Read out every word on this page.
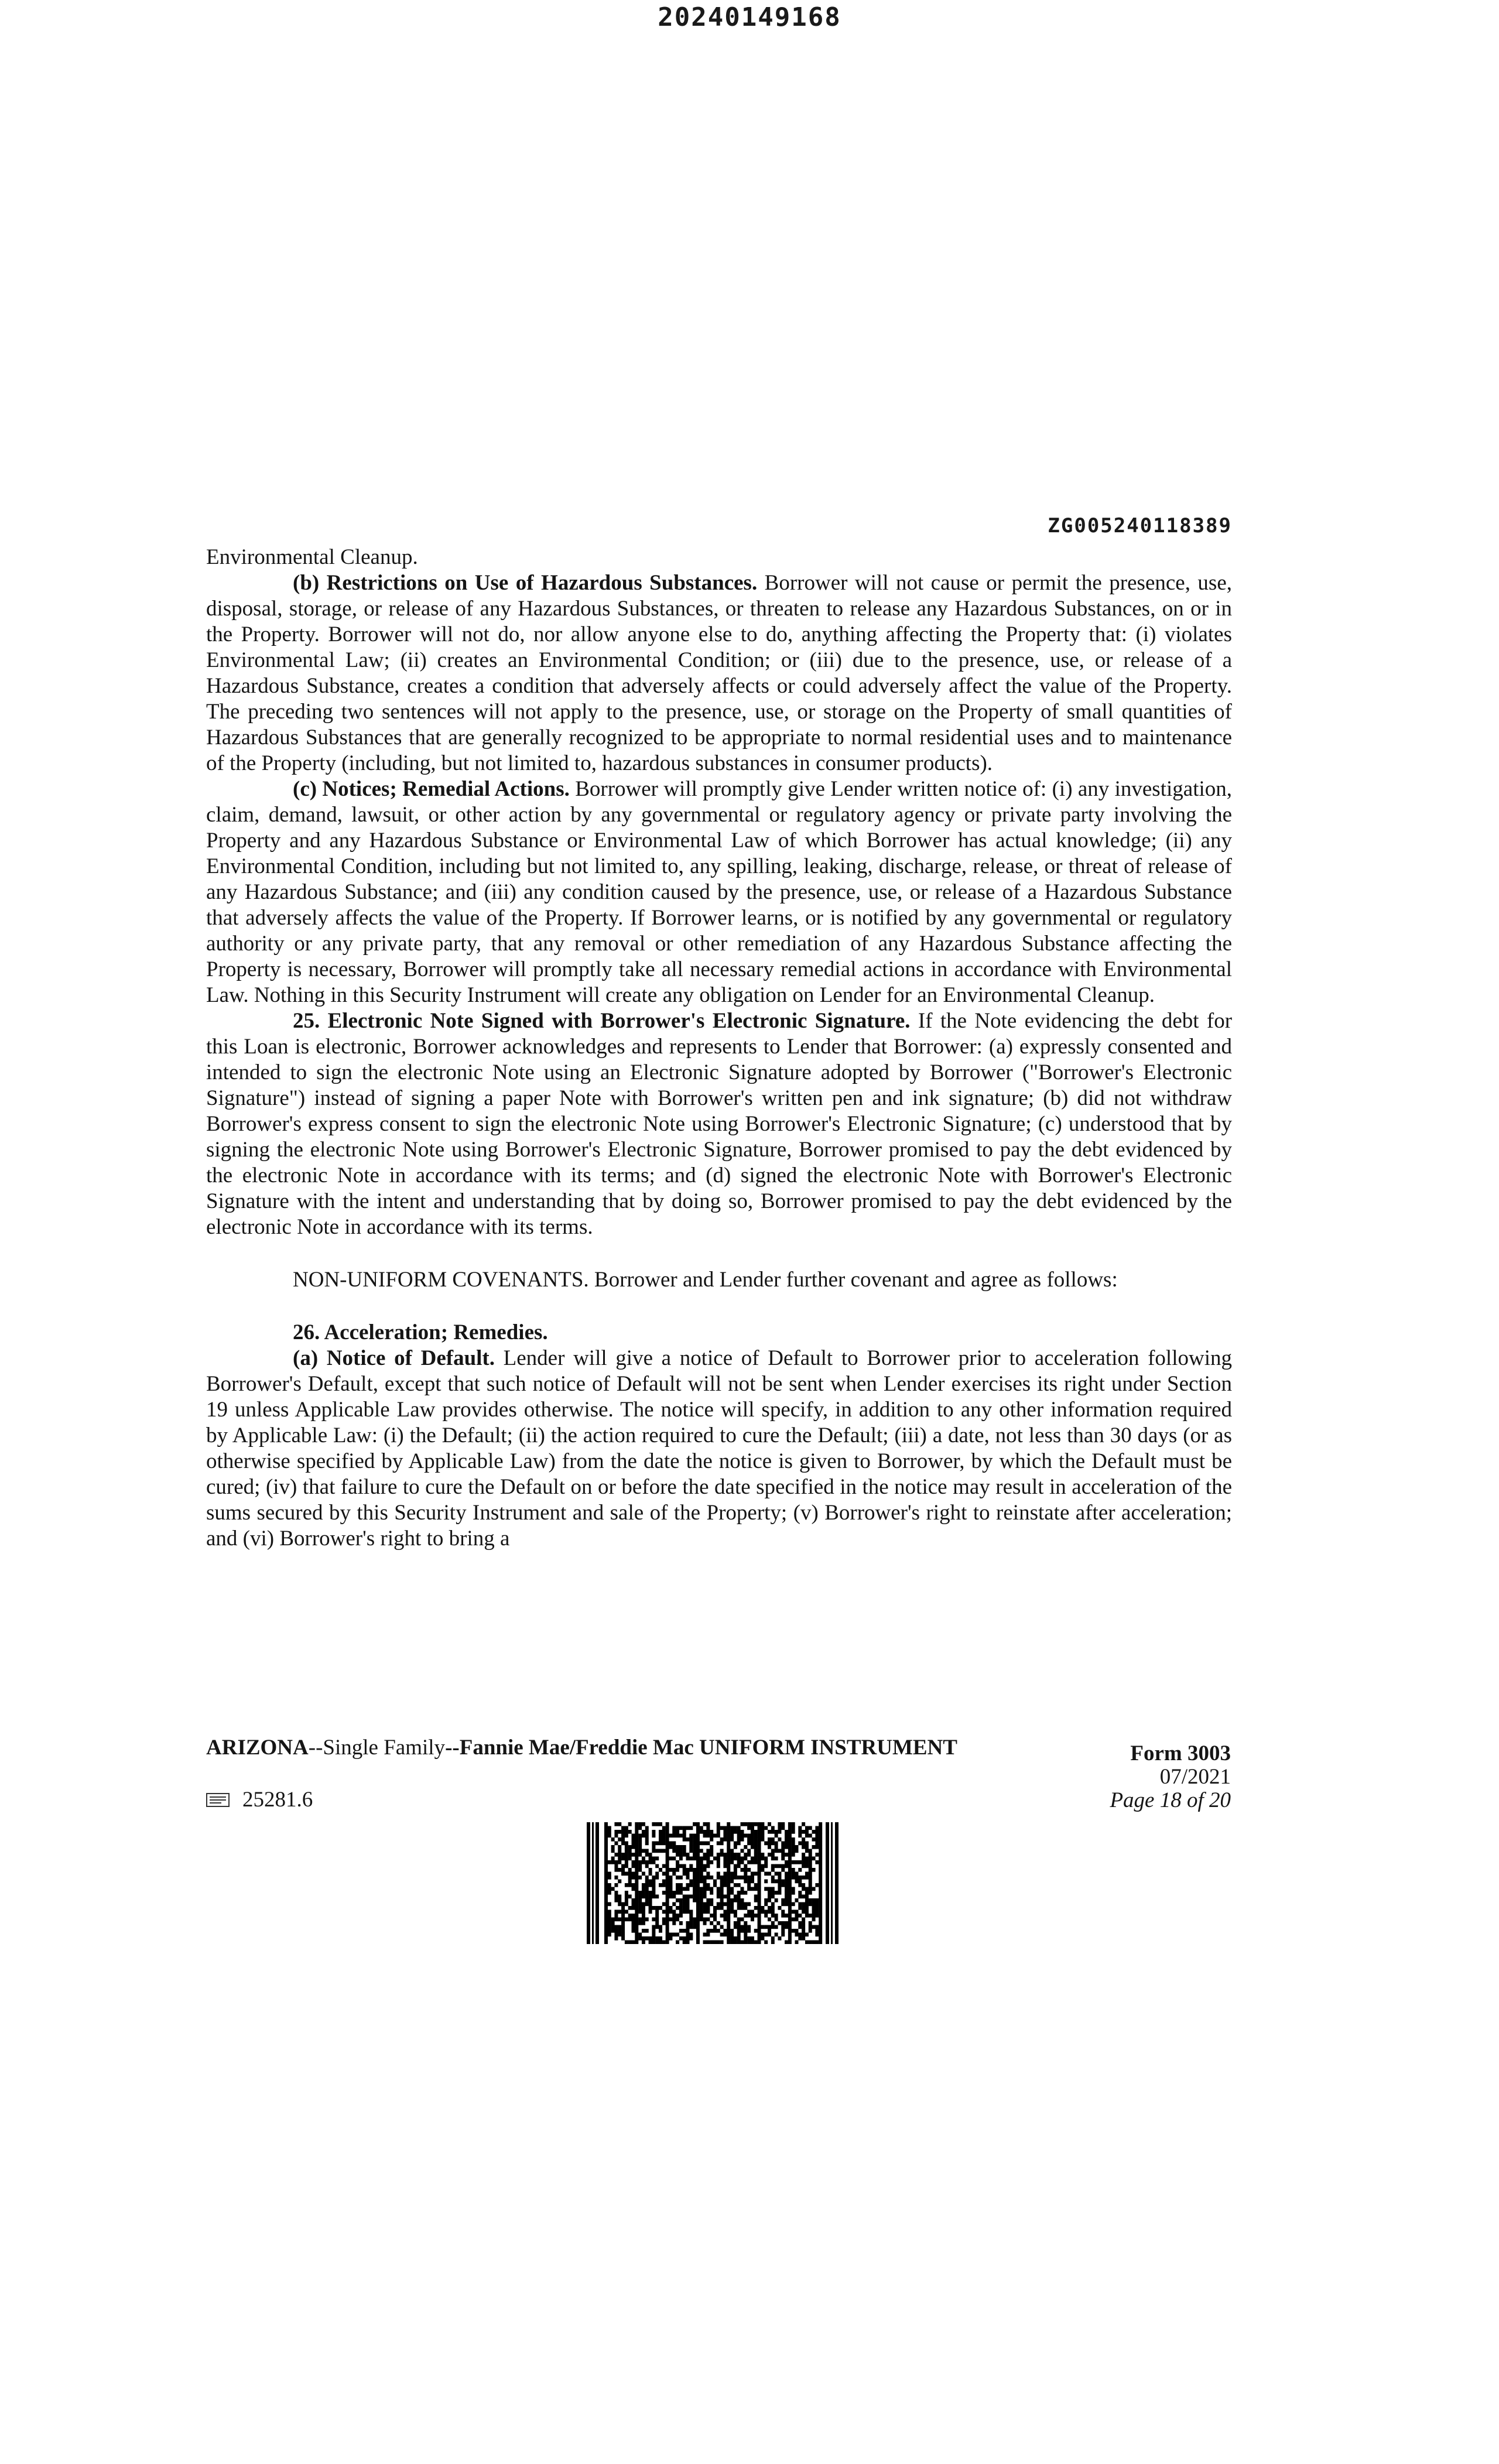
20240149168
ZG005240118389

Environmental Cleanup.

(b) Restrictions on Use of Hazardous Substances. Borrower will not cause or permit the presence, use, disposal, storage, or release of any Hazardous Substances, or threaten to release any Hazardous Substances, on or in the Property. Borrower will not do, nor allow anyone else to do, anything affecting the Property that: (i) violates Environmental Law; (ii) creates an Environmental Condition; or (iii) due to the presence, use, or release of a Hazardous Substance, creates a condition that adversely affects or could adversely affect the value of the Property. The preceding two sentences will not apply to the presence, use, or storage on the Property of small quantities of Hazardous Substances that are generally recognized to be appropriate to normal residential uses and to maintenance of the Property (including, but not limited to, hazardous substances in consumer products).

(c) Notices; Remedial Actions. Borrower will promptly give Lender written notice of: (i) any investigation, claim, demand, lawsuit, or other action by any governmental or regulatory agency or private party involving the Property and any Hazardous Substance or Environmental Law of which Borrower has actual knowledge; (ii) any Environmental Condition, including but not limited to, any spilling, leaking, discharge, release, or threat of release of any Hazardous Substance; and (iii) any condition caused by the presence, use, or release of a Hazardous Substance that adversely affects the value of the Property. If Borrower learns, or is notified by any governmental or regulatory authority or any private party, that any removal or other remediation of any Hazardous Substance affecting the Property is necessary, Borrower will promptly take all necessary remedial actions in accordance with Environmental Law. Nothing in this Security Instrument will create any obligation on Lender for an Environmental Cleanup.

25. Electronic Note Signed with Borrower's Electronic Signature. If the Note evidencing the debt for this Loan is electronic, Borrower acknowledges and represents to Lender that Borrower: (a) expressly consented and intended to sign the electronic Note using an Electronic Signature adopted by Borrower ("Borrower's Electronic Signature") instead of signing a paper Note with Borrower's written pen and ink signature; (b) did not withdraw Borrower's express consent to sign the electronic Note using Borrower's Electronic Signature; (c) understood that by signing the electronic Note using Borrower's Electronic Signature, Borrower promised to pay the debt evidenced by the electronic Note in accordance with its terms; and (d) signed the electronic Note with Borrower's Electronic Signature with the intent and understanding that by doing so, Borrower promised to pay the debt evidenced by the electronic Note in accordance with its terms.

NON-UNIFORM COVENANTS. Borrower and Lender further covenant and agree as follows:

26. Acceleration; Remedies.

(a) Notice of Default. Lender will give a notice of Default to Borrower prior to acceleration following Borrower's Default, except that such notice of Default will not be sent when Lender exercises its right under Section 19 unless Applicable Law provides otherwise. The notice will specify, in addition to any other information required by Applicable Law: (i) the Default; (ii) the action required to cure the Default; (iii) a date, not less than 30 days (or as otherwise specified by Applicable Law) from the date the notice is given to Borrower, by which the Default must be cured; (iv) that failure to cure the Default on or before the date specified in the notice may result in acceleration of the sums secured by this Security Instrument and sale of the Property; (v) Borrower's right to reinstate after acceleration; and (vi) Borrower's right to bring a

ARIZONA--Single Family--Fannie Mae/Freddie Mac UNIFORM INSTRUMENT
25281.6
Form 3003
07/2021
Page 18 of 20
